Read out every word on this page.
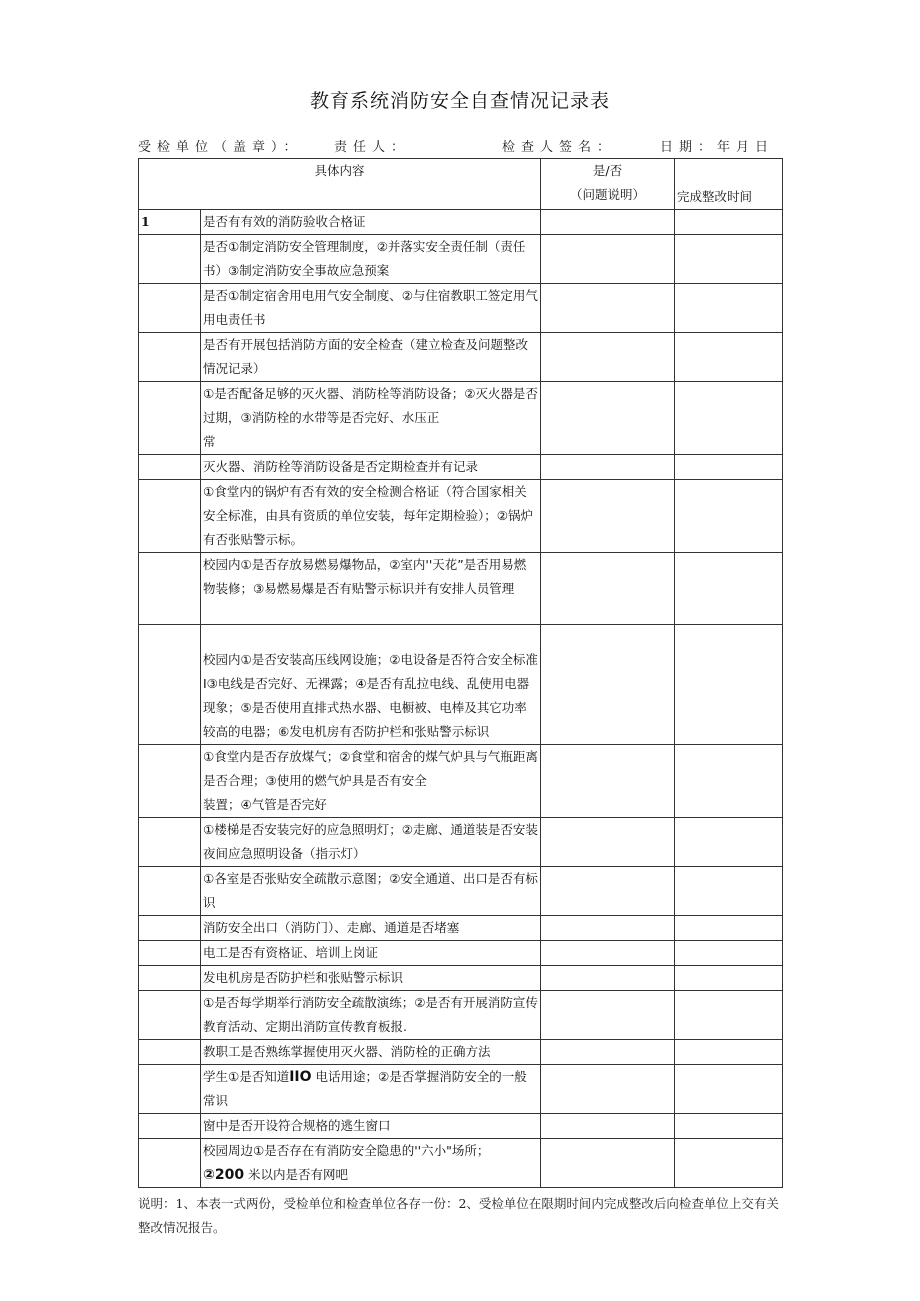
教育系统消防安全自查情况记录表
受检单位（盖章）： 责任人：	检查人签名：	日期：年月日
具体内容		是/否
（问题说明）	完成整改时间
1	是否有有效的消防验收合格证		
	是否①制定消防安全管理制度，②并落实安全责任制（责任书）③制定消防安全事故应急预案		
	是否①制定宿舍用电用气安全制度、②与住宿教职工签定用气用电责任书		
	是否有开展包括消防方面的安全检查（建立检查及问题整改情况记录）		
	①是否配备足够的灭火器、消防栓等消防设备；②灭火器是否过期，③消防栓的水带等是否完好、水压正
常		
	灭火器、消防栓等消防设备是否定期检查并有记录		
	①食堂内的锅炉有否有效的安全检测合格证（符合国家相关安全标准，由具有资质的单位安装，每年定期检验）；②锅炉有否张贴警示标。		
	校园内①是否存放易燃易爆物品，②室内''天花”是否用易燃物装修；③易燃易爆是否有贴警示标识并有安排人员管理		
	校园内①是否安装高压线网设施；②电设备是否符合安全标准I③电线是否完好、无裸露；④是否有乱拉电线、乱使用电器现象；⑤是否使用直排式热水器、电橱被、电棒及其它功率较高的电器；⑥发电机房有否防护栏和张贴警示标识		
	①食堂内是否存放煤气；②食堂和宿舍的煤气炉具与气瓶距离是否合理；③使用的燃气炉具是否有安全
装置；④气管是否完好		
	①楼梯是否安装完好的应急照明灯；②走廊、通道装是否安装夜间应急照明设备（指示灯）		
	①各室是否张贴安全疏散示意图；②安全通道、出口是否有标识		
	消防安全出口（消防门）、走廊、通道是否堵塞		
	电工是否有资格证、培训上岗证		
	发电机房是否防护栏和张贴警示标识		
	①是否每学期举行消防安全疏散演练；②是否有开展消防宣传教育活动、定期出消防宣传教育板报.		
	教职工是否熟练掌握使用灭火器、消防栓的正确方法		
	学生①是否知道IIO 电话用途；②是否掌握消防安全的一般常识		
	窗中是否开设符合规格的逃生窗口		
	校园周边①是否存在有消防安全隐患的''六小"场所；
②200 米以内是否有网吧		
说明：1、本表一式两份，受检单位和检查单位各存一份：2、受检单位在限期时间内完成整改后向检查单位上交有关整改情况报告。
